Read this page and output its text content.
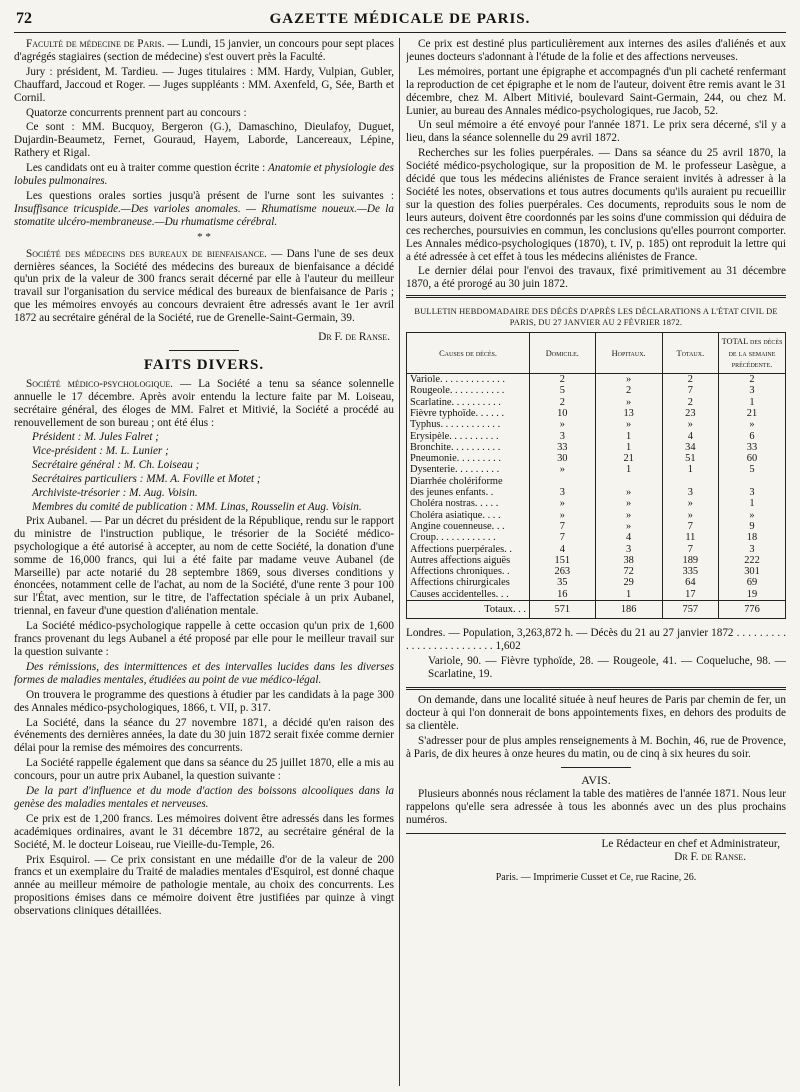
72	GAZETTE MÉDICALE DE PARIS.

Faculté de médecine de Paris. — Lundi, 15 janvier, un concours pour sept places d'agrégés stagiaires (section de médecine) s'est ouvert près la Faculté.

Jury : président, M. Tardieu. — Juges titulaires : MM. Hardy, Vulpian, Gubler, Chauffard, Jaccoud et Roger. — Juges suppléants : MM. Axenfeld, G, Sée, Barth et Cornil.

Quatorze concurrents prennent part au concours :

Ce sont : MM. Bucquoy, Bergeron (G.), Damaschino, Dieulafoy, Duguet, Dujardin-Beaumetz, Fernet, Gouraud, Hayem, Laborde, Lancereaux, Lépine, Rathery et Rigal.

Les candidats ont eu à traiter comme question écrite : Anatomie et physiologie des lobules pulmonaires.

Les questions orales sorties jusqu'à présent de l'urne sont les suivantes : Insuffisance tricuspide.—Des varioles anomales. — Rhumatisme noueux.—De la stomatite ulcéro-membraneuse.—Du rhumatisme cérébral.

* *

Société des médecins des bureaux de bienfaisance. — Dans l'une de ses deux dernières séances, la Société des médecins des bureaux de bienfaisance a décidé qu'un prix de la valeur de 300 francs serait décerné par elle à l'auteur du meilleur travail sur l'organisation du service médical des bureaux de bienfaisance de Paris ; que les mémoires envoyés au concours devraient être adressés avant le 1er avril 1872 au secrétaire général de la Société, rue de Grenelle-Saint-Germain, 39.

Dr F. de Ranse.
FAITS DIVERS.

Société médico-psychologique. — La Société a tenu sa séance solennelle annuelle le 17 décembre. Après avoir entendu la lecture faite par M. Loiseau, secrétaire général, des éloges de MM. Falret et Mitivié, la Société a procédé au renouvellement de son bureau ; ont été élus :

Président : M. Jules Falret ;

Vice-président : M. L. Lunier ;

Secrétaire général : M. Ch. Loiseau ;

Secrétaires particuliers : MM. A. Foville et Motet ;

Archiviste-trésorier : M. Aug. Voisin.

Membres du comité de publication : MM. Linas, Rousselin et Aug. Voisin.

Prix Aubanel. — Par un décret du président de la République, rendu sur le rapport du ministre de l'instruction publique, le trésorier de la Société médico-psychologique a été autorisé à accepter, au nom de cette Société, la donation d'une somme de 16,000 francs, qui lui a été faite par madame veuve Aubanel (de Marseille) par acte notarié du 28 septembre 1869, sous diverses conditions y énoncées, notamment celle de l'achat, au nom de la Société, d'une rente 3 pour 100 sur l'État, avec mention, sur le titre, de l'affectation spéciale à un prix Aubanel, triennal, en faveur d'une question d'aliénation mentale.

La Société médico-psychologique rappelle à cette occasion qu'un prix de 1,600 francs provenant du legs Aubanel a été proposé par elle pour le meilleur travail sur la question suivante :

Des rémissions, des intermittences et des intervalles lucides dans les diverses formes de maladies mentales, étudiées au point de vue médico-légal.

On trouvera le programme des questions à étudier par les candidats à la page 300 des Annales médico-psychologiques, 1866, t. VII, p. 317.

La Société, dans la séance du 27 novembre 1871, a décidé qu'en raison des événements des dernières années, la date du 30 juin 1872 serait fixée comme dernier délai pour la remise des mémoires des concurrents.

La Société rappelle également que dans sa séance du 25 juillet 1870, elle a mis au concours, pour un autre prix Aubanel, la question suivante :

De la part d'influence et du mode d'action des boissons alcooliques dans la genèse des maladies mentales et nerveuses.

Ce prix est de 1,200 francs. Les mémoires doivent être adressés dans les formes académiques ordinaires, avant le 31 décembre 1872, au secrétaire général de la Société, M. le docteur Loiseau, rue Vieille-du-Temple, 26.

Prix Esquirol. — Ce prix consistant en une médaille d'or de la valeur de 200 francs et un exemplaire du Traité de maladies mentales d'Esquirol, est donné chaque année au meilleur mémoire de pathologie mentale, au choix des concurrents. Les propositions émises dans ce mémoire doivent être justifiées par quinze à vingt observations cliniques détaillées.

Ce prix est destiné plus particulièrement aux internes des asiles d'aliénés et aux jeunes docteurs s'adonnant à l'étude de la folie et des affections nerveuses.

Les mémoires, portant une épigraphe et accompagnés d'un pli cacheté renfermant la reproduction de cet épigraphe et le nom de l'auteur, doivent être remis avant le 31 décembre, chez M. Albert Mitivié, boulevard Saint-Germain, 244, ou chez M. Lunier, au bureau des Annales médico-psychologiques, rue Jacob, 52.

Un seul mémoire a été envoyé pour l'année 1871. Le prix sera décerné, s'il y a lieu, dans la séance solennelle du 29 avril 1872.

Recherches sur les folies puerpérales. — Dans sa séance du 25 avril 1870, la Société médico-psychologique, sur la proposition de M. le professeur Lasègue, a décidé que tous les médecins aliénistes de France seraient invités à adresser à la Société les notes, observations et tous autres documents qu'ils auraient pu recueillir sur la question des folies puerpérales. Ces documents, reproduits sous le nom de leurs auteurs, doivent être coordonnés par les soins d'une commission qui déduira de ces recherches, poursuivies en commun, les conclusions qu'elles pourront comporter. Les Annales médico-psychologiques (1870), t. IV, p. 185) ont reproduit la lettre qui a été adressée à cet effet à tous les médecins aliénistes de France.

Le dernier délai pour l'envoi des travaux, fixé primitivement au 31 décembre 1870, a été prorogé au 30 juin 1872.

BULLETIN HEBDOMADAIRE DES DÉCÈS D'APRÈS LES DÉCLARATIONS A L'ÉTAT CIVIL DE PARIS, DU 27 JANVIER AU 2 FÉVRIER 1872.
Causes de décès.	Domicile.	Hopitaux.	Totaux.	TOTAL des décès de la semaine précédente.
Variole. . . . . . . . . . . . .	2	»	2	2
Rougeole. . . . . . . . . . .	5	2	7	3
Scarlatine. . . . . . . . . .	2	»	2	1
Fièvre typhoïde. . . . . .	10	13	23	21
Typhus. . . . . . . . . . . .	»	»	»	»
Erysipèle. . . . . . . . . .	3	1	4	6
Bronchite. . . . . . . . . .	33	1	34	33
Pneumonie. . . . . . . . .	30	21	51	60
Dysenterie. . . . . . . . .	»	1	1	5
Diarrhée cholériforme				
des jeunes enfants. .	3	»	3	3
Choléra nostras. . . . .	»	»	»	1
Choléra asiatique. . . .	»	»	»	»
Angine couenneuse. . .	7	»	7	9
Croup. . . . . . . . . . . .	7	4	11	18
Affections puerpérales. .	4	3	7	3
Autres affections aiguës	151	38	189	222
Affections chroniques. .	263	72	335	301
Affections chirurgicales	35	29	64	69
Causes accidentelles. . .	16	1	17	19
Totaux. . .	571	186	757	776

Londres. — Population, 3,263,872 h. — Décès du 21 au 27 janvier 1872 . . . . . . . . . . . . . . . . . . . . . . . . . 1,602

Variole, 90. — Fièvre typhoïde, 28. — Rougeole, 41. — Coqueluche, 98. — Scarlatine, 19.

On demande, dans une localité située à neuf heures de Paris par chemin de fer, un docteur à qui l'on donnerait de bons appointements fixes, en dehors des produits de sa clientèle.

S'adresser pour de plus amples renseignements à M. Bochin, 46, rue de Provence, à Paris, de dix heures à onze heures du matin, ou de cinq à six heures du soir.

AVIS.

Plusieurs abonnés nous réclament la table des matières de l'année 1871. Nous leur rappelons qu'elle sera adressée à tous les abonnés avec un des plus prochains numéros.

Le Rédacteur en chef et Administrateur,
Dr F. de Ranse.
Paris. — Imprimerie Cusset et Ce, rue Racine, 26.
